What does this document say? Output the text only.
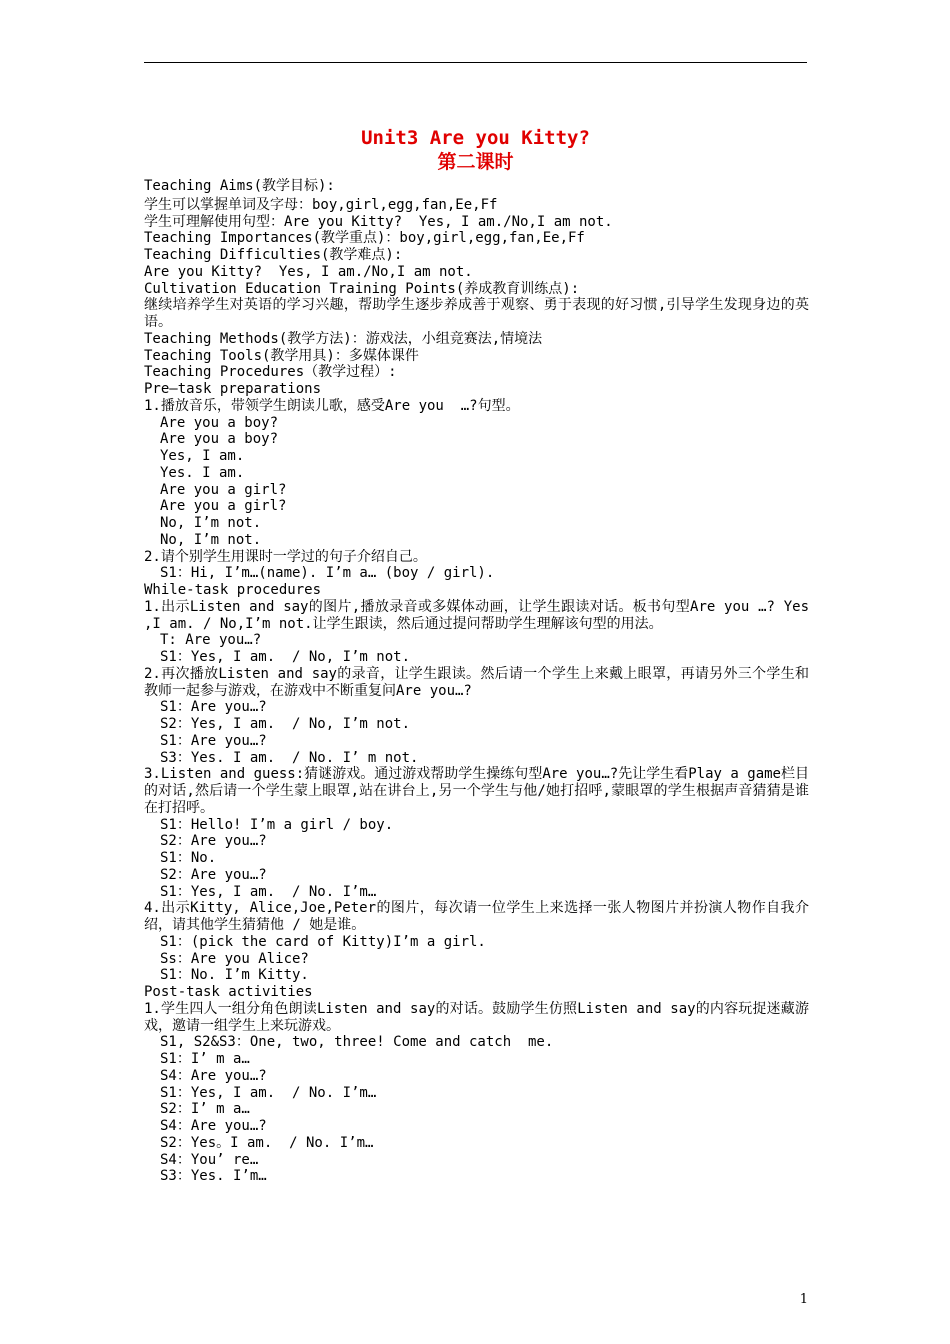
Unit3 Are you Kitty?
第二课时
Teaching Aims(教学目标):
学生可以掌握单词及字母：boy,girl,egg,fan,Ee,Ff
学生可理解使用句型：Are you Kitty?  Yes, I am./No,I am not.
Teaching Importances(教学重点)：boy,girl,egg,fan,Ee,Ff
Teaching Difficulties(教学难点):
Are you Kitty?  Yes, I am./No,I am not.
Cultivation Education Training Points(养成教育训练点):
继续培养学生对英语的学习兴趣，帮助学生逐步养成善于观察、勇于表现的好习惯,引导学生发现身边的英语。
Teaching Methods(教学方法)：游戏法，小组竞赛法,情境法
Teaching Tools(教学用具)：多媒体课件
Teaching Procedures（教学过程）:
Pre—task preparations
1.播放音乐，带领学生朗读儿歌，感受Are you  …?句型。
Are you a boy?
Are you a boy?
Yes, I am.
Yes. I am.
Are you a girl?
Are you a girl?
No, I’m not.
No, I’m not.
2.请个别学生用课时一学过的句子介绍自己。
S1：Hi, I’m…(name). I’m a… (boy / girl).
While-task procedures
1.出示Listen and say的图片,播放录音或多媒体动画，让学生跟读对话。板书句型Are you …? Yes ,I am. / No,I’m not.让学生跟读，然后通过提问帮助学生理解该句型的用法。
T: Are you…?
S1：Yes, I am.  / No, I’m not.
2.再次播放Listen and say的录音，让学生跟读。然后请一个学生上来戴上眼罩，再请另外三个学生和教师一起参与游戏，在游戏中不断重复问Are you…?
S1：Are you…?
S2：Yes, I am.  / No, I’m not.
S1：Are you…?
S3：Yes. I am.  / No. I’ m not.
3.Listen and guess:猜谜游戏。通过游戏帮助学生操练句型Are you…?先让学生看Play a game栏目的对话,然后请一个学生蒙上眼罩,站在讲台上,另一个学生与他/她打招呼,蒙眼罩的学生根据声音猜猜是谁在打招呼。
S1：Hello! I’m a girl / boy.
S2：Are you…?
S1：No.
S2：Are you…?
S1：Yes, I am.  / No. I’m…
4.出示Kitty, Alice,Joe,Peter的图片，每次请一位学生上来选择一张人物图片并扮演人物作自我介绍，请其他学生猜猜他 / 她是谁。
S1：(pick the card of Kitty)I’m a girl.
Ss：Are you Alice?
S1：No. I’m Kitty.
Post-task activities
1.学生四人一组分角色朗读Listen and say的对话。鼓励学生仿照Listen and say的内容玩捉迷藏游戏，邀请一组学生上来玩游戏。
S1, S2&S3：One, two, three! Come and catch  me.
S1：I’ m a…
S4：Are you…?
S1：Yes, I am.  / No. I’m…
S2：I’ m a…
S4：Are you…?
S2：Yes。I am.  / No. I’m…
S4：You’ re…
S3：Yes. I’m…
1
